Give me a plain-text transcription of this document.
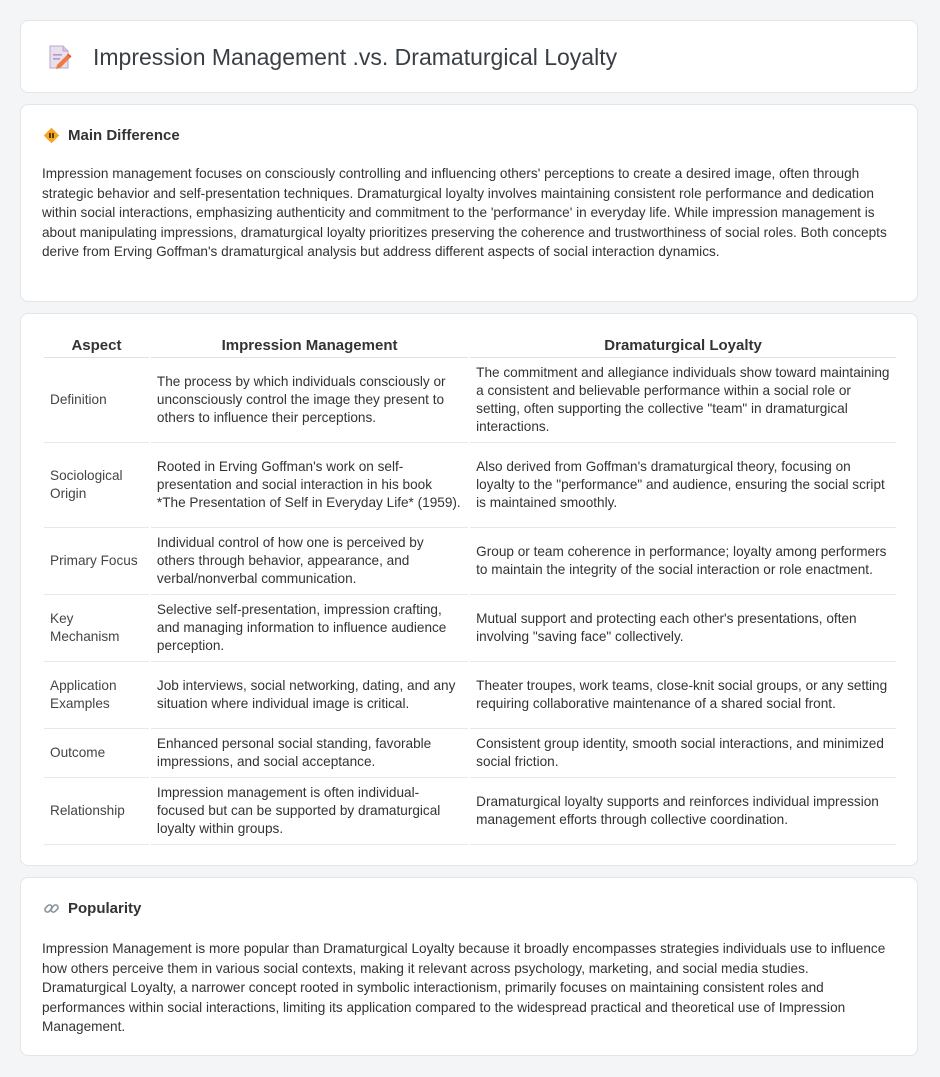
Impression Management .vs. Dramaturgical Loyalty
Main Difference

Impression management focuses on consciously controlling and influencing others' perceptions to create a desired image, often through strategic behavior and self-presentation techniques. Dramaturgical loyalty involves maintaining consistent role performance and dedication within social interactions, emphasizing authenticity and commitment to the 'performance' in everyday life. While impression management is about manipulating impressions, dramaturgical loyalty prioritizes preserving the coherence and trustworthiness of social roles. Both concepts derive from Erving Goffman's dramaturgical analysis but address different aspects of social interaction dynamics.

Aspect	Impression Management	Dramaturgical Loyalty
Definition	The process by which individuals consciously or unconsciously control the image they present to others to influence their perceptions.	The commitment and allegiance individuals show toward maintaining a consistent and believable performance within a social role or setting, often supporting the collective "team" in dramaturgical interactions.
Sociological Origin	Rooted in Erving Goffman's work on self-presentation and social interaction in his book *The Presentation of Self in Everyday Life* (1959).	Also derived from Goffman's dramaturgical theory, focusing on loyalty to the "performance" and audience, ensuring the social script is maintained smoothly.
Primary Focus	Individual control of how one is perceived by others through behavior, appearance, and verbal/nonverbal communication.	Group or team coherence in performance; loyalty among performers to maintain the integrity of the social interaction or role enactment.
Key Mechanism	Selective self-presentation, impression crafting, and managing information to influence audience perception.	Mutual support and protecting each other's presentations, often involving "saving face" collectively.
Application Examples	Job interviews, social networking, dating, and any situation where individual image is critical.	Theater troupes, work teams, close-knit social groups, or any setting requiring collaborative maintenance of a shared social front.
Outcome	Enhanced personal social standing, favorable impressions, and social acceptance.	Consistent group identity, smooth social interactions, and minimized social friction.
Relationship	Impression management is often individual-focused but can be supported by dramaturgical loyalty within groups.	Dramaturgical loyalty supports and reinforces individual impression management efforts through collective coordination.
Popularity

Impression Management is more popular than Dramaturgical Loyalty because it broadly encompasses strategies individuals use to influence how others perceive them in various social contexts, making it relevant across psychology, marketing, and social media studies. Dramaturgical Loyalty, a narrower concept rooted in symbolic interactionism, primarily focuses on maintaining consistent roles and performances within social interactions, limiting its application compared to the widespread practical and theoretical use of Impression Management.
